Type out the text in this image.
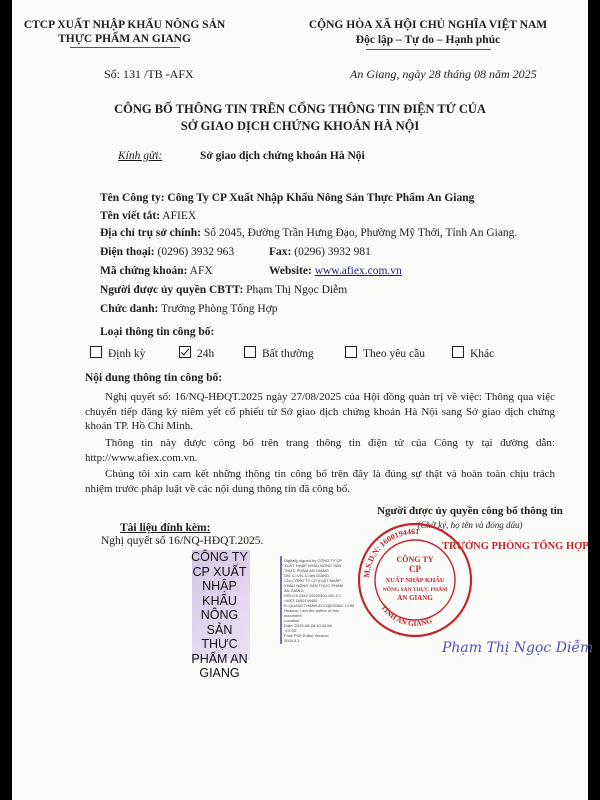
CTCP XUẤT NHẬP KHẨU NÔNG SẢN
THỰC PHẨM AN GIANG
CỘNG HÒA XÃ HỘI CHỦ NGHĨA VIỆT NAM
Độc lập – Tự do – Hạnh phúc
Số: 131 /TB -AFX	An Giang, ngày 28 tháng 08 năm 2025
CÔNG BỐ THÔNG TIN TRÊN CỔNG THÔNG TIN ĐIỆN TỬ CỦA
SỞ GIAO DỊCH CHỨNG KHOÁN HÀ NỘI
Kính gửi:	Sở giao dịch chứng khoán Hà Nội
Tên Công ty: Công Ty CP Xuất Nhập Khẩu Nông Sản Thực Phẩm An Giang
Tên viết tắt: AFIEX
Địa chỉ trụ sở chính: Số 2045, Đường Trần Hưng Đạo, Phường Mỹ Thới, Tỉnh An Giang.
Điện thoại: (0296) 3932 963	Fax: (0296) 3932 981
Mã chứng khoán: AFX	Website: www.afiex.com.vn
Người được ủy quyền CBTT: Phạm Thị Ngọc Diễm
Chức danh: Trưởng Phòng Tổng Hợp
Loại thông tin công bố:
Định kỳ	24h	Bất thường	Theo yêu cầu	Khác
Nội dung thông tin công bố:
Nghị quyết số: 16/NQ-HĐQT.2025 ngày 27/08/2025 của Hội đồng quản trị về việc: Thông qua việc chuyển tiếp đăng ký niêm yết cổ phiếu từ Sở giao dịch chứng khoán Hà Nội sang Sở giao dịch chứng khoán TP. Hồ Chí Minh.
Thông tin này được công bố trên trang thông tin điện tử của Công ty tại đường dẫn: http://www.afiex.com.vn.
Chúng tôi xin cam kết những thông tin công bố trên đây là đúng sự thật và hoàn toàn chịu trách nhiệm trước pháp luật về các nội dung thông tin đã công bố.
Người được ủy quyền công bố thông tin
(Chữ ký, họ tên và đóng dấu)
Tài liệu đính kèm:
Nghị quyết số 16/NQ-HĐQT.2025.
CÔNG TY
CP XUẤT
NHẬP
KHẨU
NÔNG
SẢN
THỰC
PHẨM AN
GIANG
Digitally signed by CÔNG TY CP
XUẤT NHẬP KHẨU NÔNG SẢN
THỰC PHẨM AN GIANG
DN: C=VN, L=AN GIANG
CN=CÔNG TY CP XUẤT NHẬP
KHẨU NÔNG SẢN THỰC PHẨM
AN GIANG
OID.0.9.2342.19200300.100.1.1
=MST:1600194461
E=QUANGTHANH.ECO@GMAIL.COM
Reason: I am the author of this
document
Location:
Date: 2025-08-28 10:34:56
+07'00'
Foxit PDF Editor Version:
2024.4.1
M.S.D.N: 1600194461
TỈNH AN GIANG
CÔNG TY
CP
XUẤT NHẬP KHẨU
NÔNG SẢN THỰC PHẨM
AN GIANG
TRƯỞNG PHÒNG TỔNG HỢP
Phạm Thị Ngọc Diễm
